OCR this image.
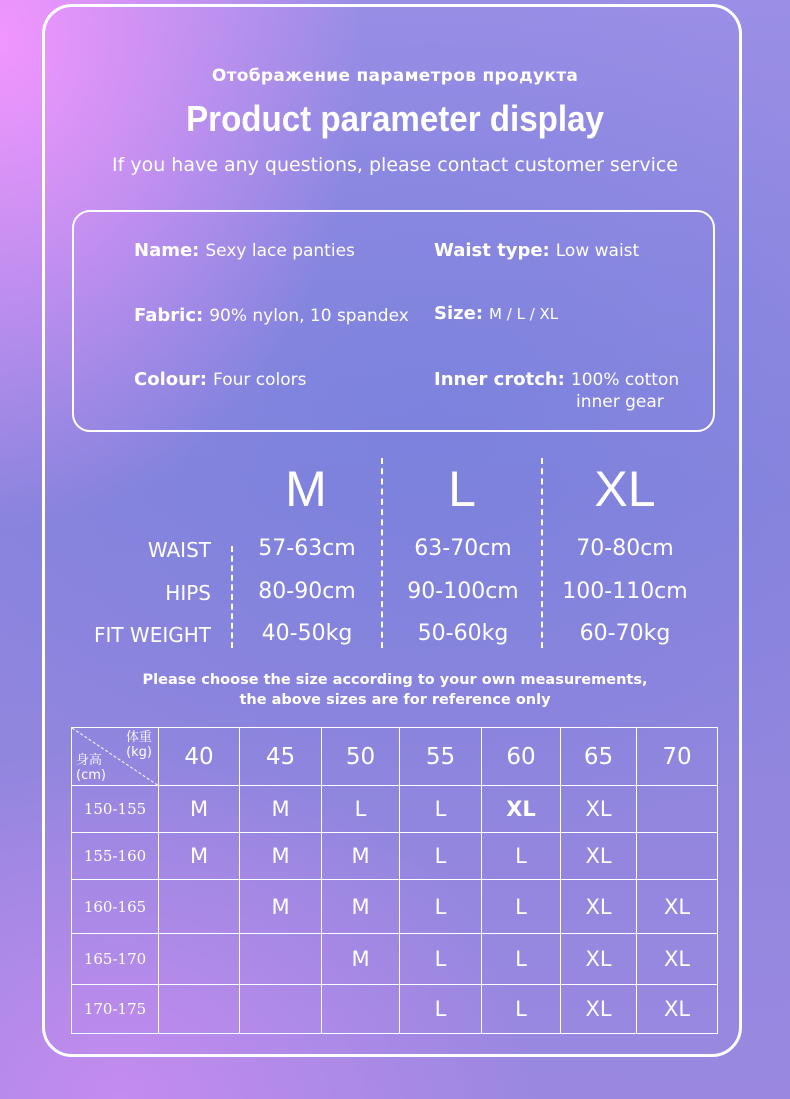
Отображение параметров продукта
Product parameter display
If you have any questions, please contact customer service
Name: Sexy lace panties	Waist type: Low waist
Fabric: 90% nylon, 10 spandex Size: M / L / XL
Colour: Four colors	Inner crotch: 100% cotton
inner gear
M	L	XL
WAIST	57-63cm	63-70cm	70-80cm
HIPS	80-90cm	90-100cm	100-110cm
FIT WEIGHT	40-50kg	50-60kg	60-70kg
Please choose the size according to your own measurements,
the above sizes are for reference only
体重
(kg)
身高
(cm)	40	45	50	55	60	65	70
150-155	M	M	L	L	XL	XL	
155-160	M	M	M	L	L	XL	
160-165		M	M	L	L	XL	XL
165-170			M	L	L	XL	XL
170-175				L	L	XL	XL
